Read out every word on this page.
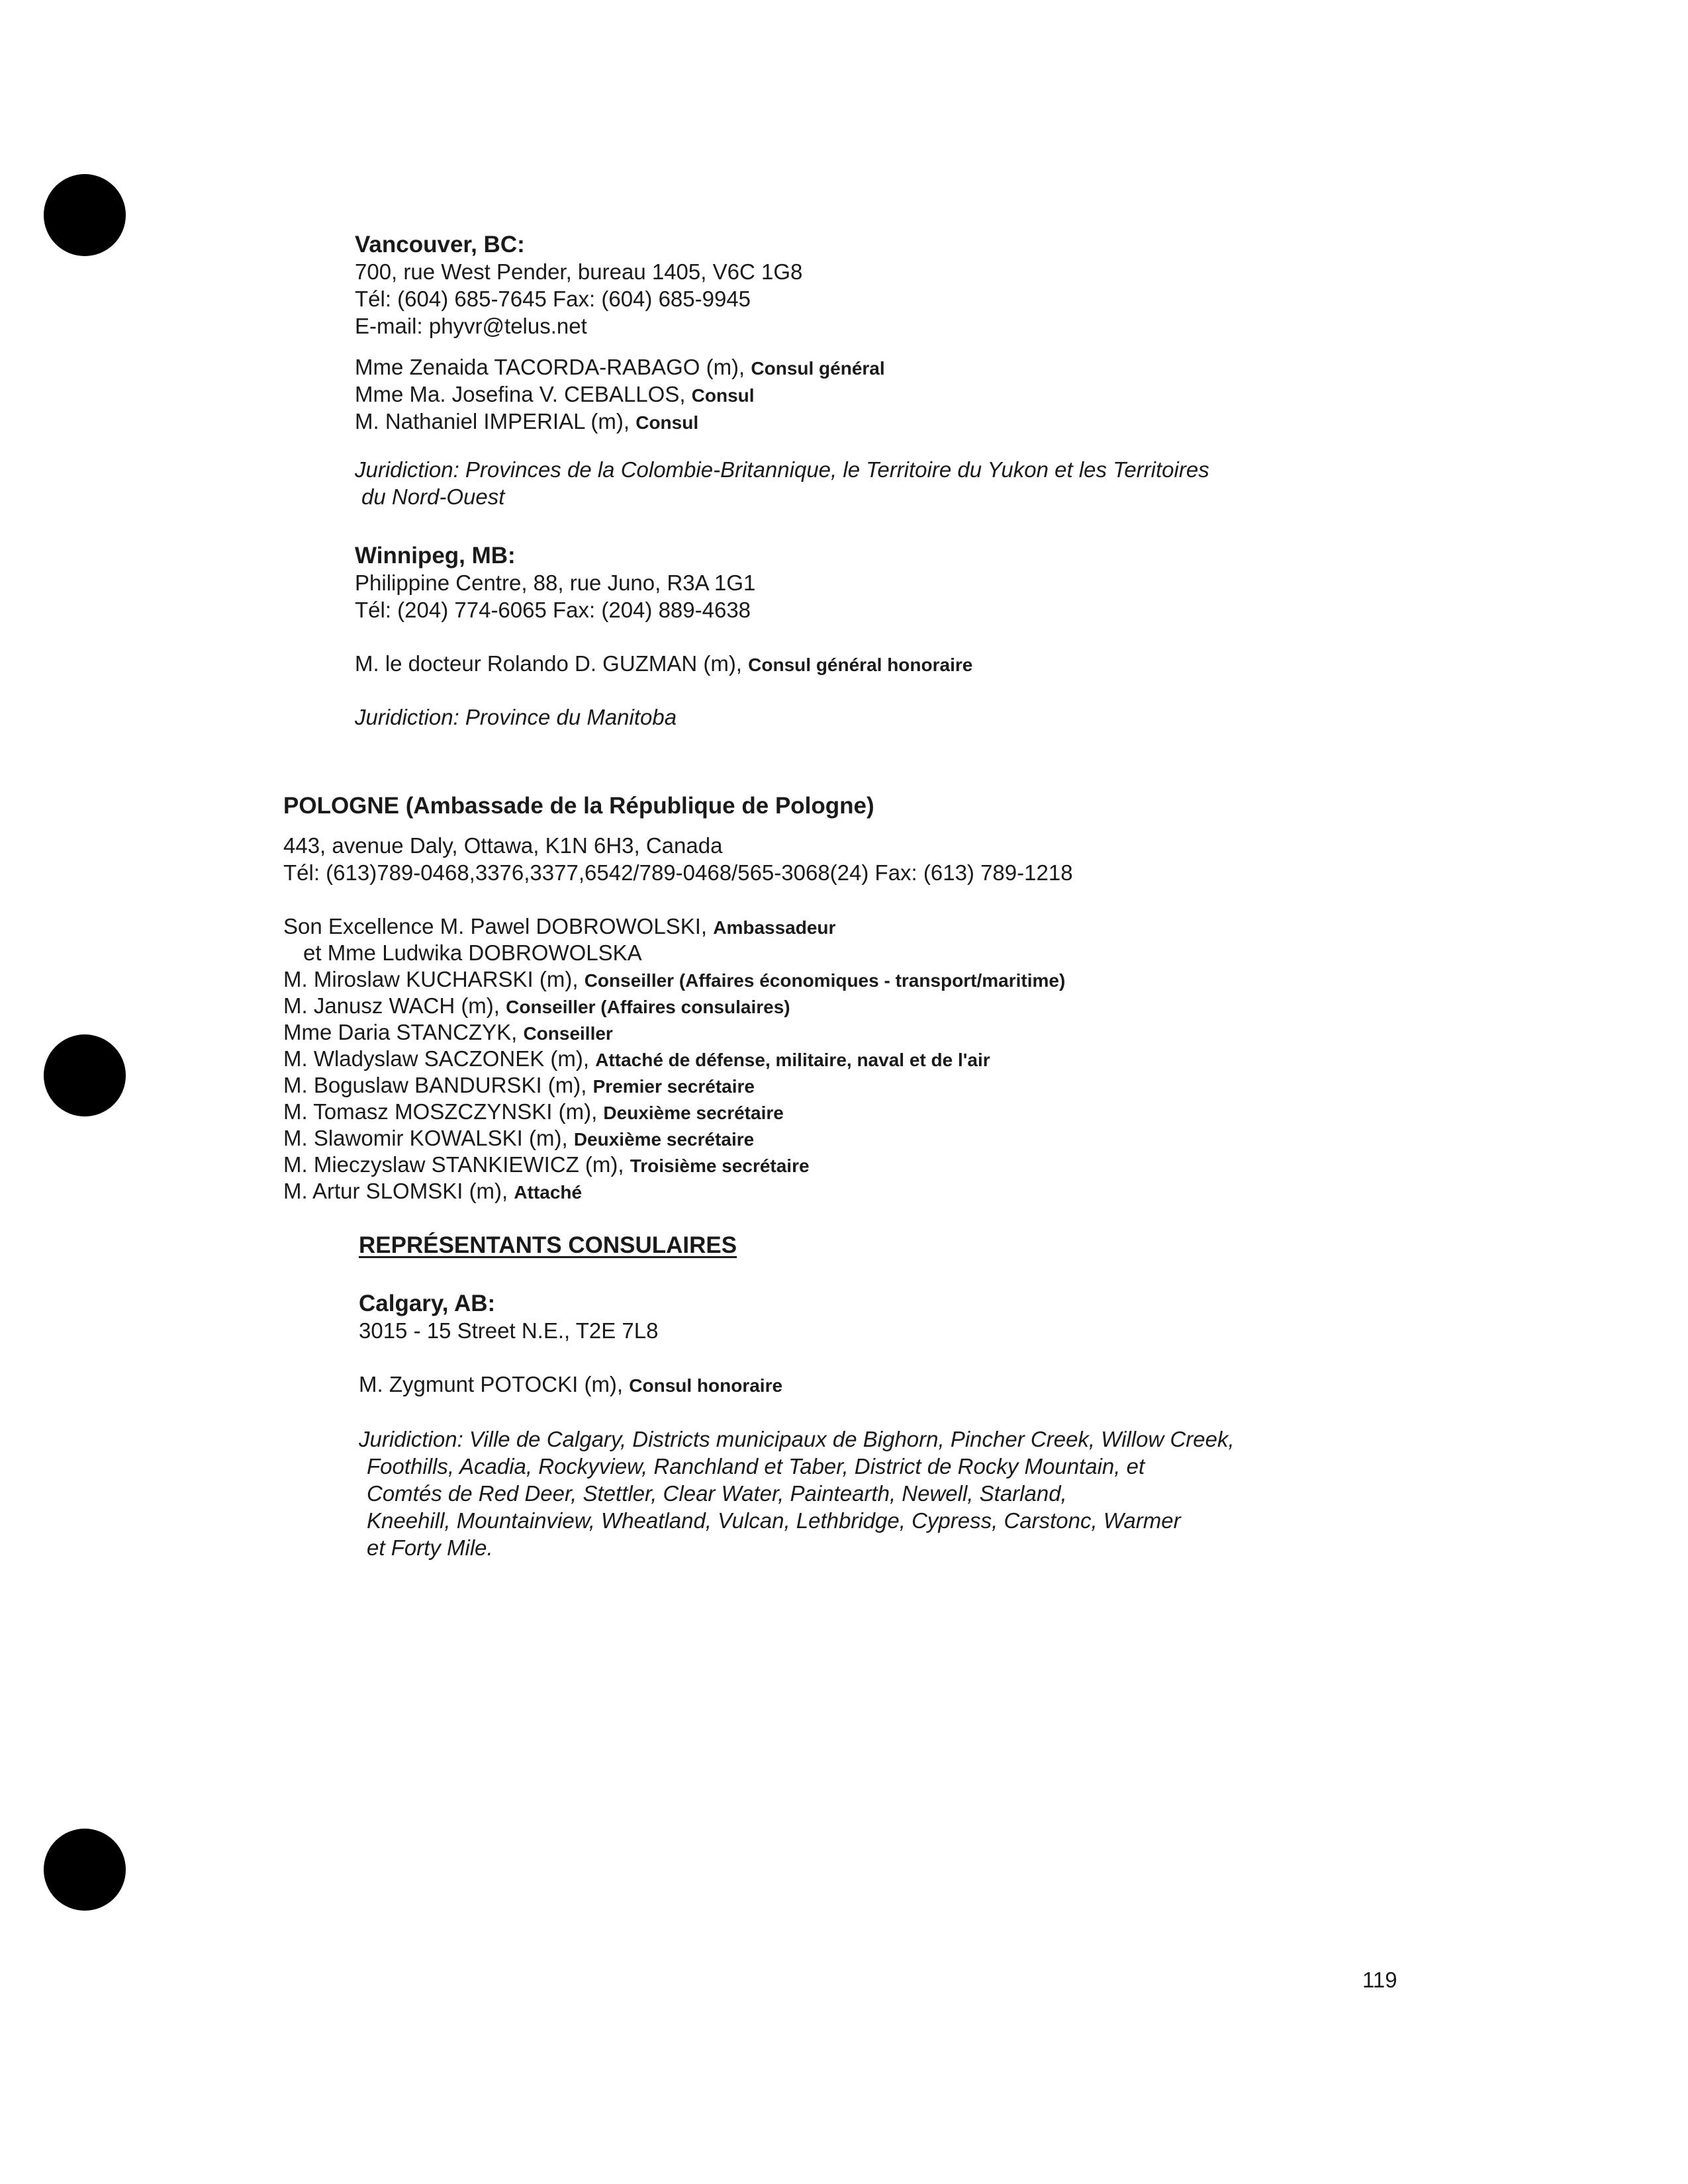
Vancouver, BC:
700, rue West Pender, bureau 1405, V6C 1G8
Tél: (604) 685-7645 Fax: (604) 685-9945
E-mail: phyvr@telus.net
Mme Zenaida TACORDA-RABAGO (m), Consul général
Mme Ma. Josefina V. CEBALLOS, Consul
M. Nathaniel IMPERIAL (m), Consul
Juridiction: Provinces de la Colombie-Britannique, le Territoire du Yukon et les Territoires
du Nord-Ouest
Winnipeg, MB:
Philippine Centre, 88, rue Juno, R3A 1G1
Tél: (204) 774-6065 Fax: (204) 889-4638
M. le docteur Rolando D. GUZMAN (m), Consul général honoraire
Juridiction: Province du Manitoba
POLOGNE (Ambassade de la République de Pologne)
443, avenue Daly, Ottawa, K1N 6H3, Canada
Tél: (613)789-0468,3376,3377,6542/789-0468/565-3068(24) Fax: (613) 789-1218
Son Excellence M. Pawel DOBROWOLSKI, Ambassadeur
et Mme Ludwika DOBROWOLSKA
M. Miroslaw KUCHARSKI (m), Conseiller (Affaires économiques - transport/maritime)
M. Janusz WACH (m), Conseiller (Affaires consulaires)
Mme Daria STANCZYK, Conseiller
M. Wladyslaw SACZONEK (m), Attaché de défense, militaire, naval et de l'air
M. Boguslaw BANDURSKI (m), Premier secrétaire
M. Tomasz MOSZCZYNSKI (m), Deuxième secrétaire
M. Slawomir KOWALSKI (m), Deuxième secrétaire
M. Mieczyslaw STANKIEWICZ (m), Troisième secrétaire
M. Artur SLOMSKI (m), Attaché
REPRÉSENTANTS CONSULAIRES
Calgary, AB:
3015 - 15 Street N.E., T2E 7L8
M. Zygmunt POTOCKI (m), Consul honoraire
Juridiction: Ville de Calgary, Districts municipaux de Bighorn, Pincher Creek, Willow Creek,
Foothills, Acadia, Rockyview, Ranchland et Taber, District de Rocky Mountain, et
Comtés de Red Deer, Stettler, Clear Water, Paintearth, Newell, Starland,
Kneehill, Mountainview, Wheatland, Vulcan, Lethbridge, Cypress, Carstonc, Warmer
et Forty Mile.
119
